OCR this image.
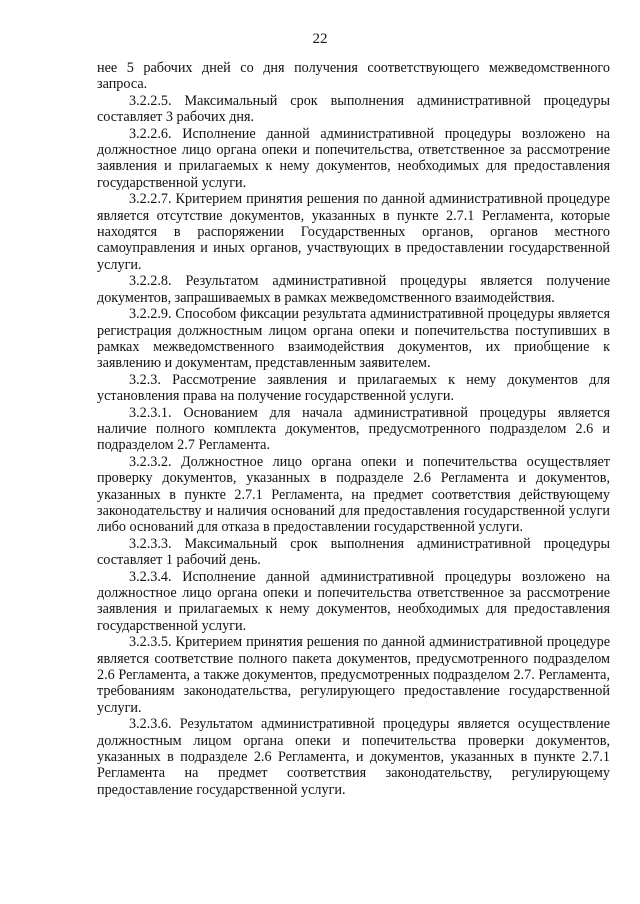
22

нее 5 рабочих дней со дня получения соответствующего межведомственного запроса.

3.2.2.5. Максимальный срок выполнения административной процедуры составляет 3 рабочих дня.

3.2.2.6. Исполнение данной административной процедуры возложено на должностное лицо органа опеки и попечительства, ответственное за рассмотрение заявления и прилагаемых к нему документов, необходимых для предоставления государственной услуги.

3.2.2.7. Критерием принятия решения по данной административной процедуре является отсутствие документов, указанных в пункте 2.7.1 Регламента, которые находятся в распоряжении Государственных органов, органов местного самоуправления и иных органов, участвующих в предоставлении государственной услуги.

3.2.2.8. Результатом административной процедуры является получение документов, запрашиваемых в рамках межведомственного взаимодействия.

3.2.2.9. Способом фиксации результата административной процедуры является регистрация должностным лицом органа опеки и попечительства поступивших в рамках межведомственного взаимодействия документов, их приобщение к заявлению и документам, представленным заявителем.

3.2.3. Рассмотрение заявления и прилагаемых к нему документов для установления права на получение государственной услуги.

3.2.3.1. Основанием для начала административной процедуры является наличие полного комплекта документов, предусмотренного подразделом 2.6 и подразделом 2.7 Регламента.

3.2.3.2. Должностное лицо органа опеки и попечительства осуществляет проверку документов, указанных в подразделе 2.6 Регламента и документов, указанных в пункте 2.7.1 Регламента, на предмет соответствия действующему законодательству и наличия оснований для предоставления государственной услуги либо оснований для отказа в предоставлении государственной услуги.

3.2.3.3. Максимальный срок выполнения административной процедуры составляет 1 рабочий день.

3.2.3.4. Исполнение данной административной процедуры возложено на должностное лицо органа опеки и попечительства ответственное за рассмотрение заявления и прилагаемых к нему документов, необходимых для предоставления государственной услуги.

3.2.3.5. Критерием принятия решения по данной административной процедуре является соответствие полного пакета документов, предусмотренного подразделом 2.6 Регламента, а также документов, предусмотренных подразделом 2.7. Регламента, требованиям законодательства, регулирующего предоставление государственной услуги.

3.2.3.6. Результатом административной процедуры является осуществление должностным лицом органа опеки и попечительства проверки документов, указанных в подразделе 2.6 Регламента, и документов, указанных в пункте 2.7.1 Регламента на предмет соответствия законодательству, регулирующему предоставление государственной услуги.
